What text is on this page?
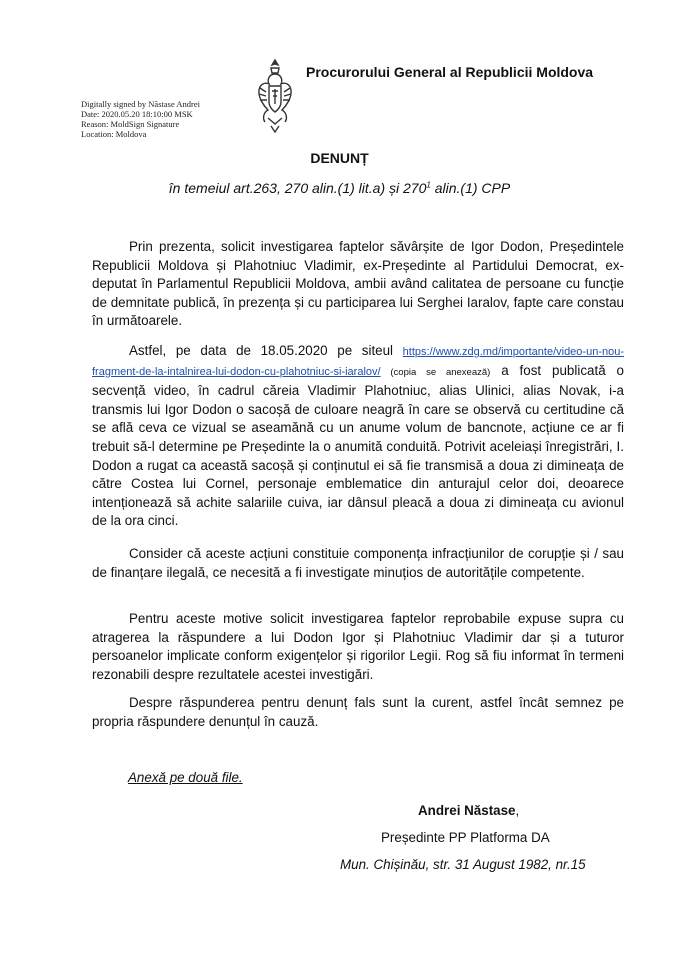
Procurorului General al Republicii Moldova
Digitally signed by Năstase Andrei
Date: 2020.05.20 18:10:00 MSK
Reason: MoldSign Signature
Location: Moldova
DENUNȚ
în temeiul art.263, 270 alin.(1) lit.a) și $270^1$ alin.(1) CPP

Prin prezenta, solicit investigarea faptelor săvârșite de Igor Dodon, Președintele Republicii Moldova și Plahotniuc Vladimir, ex-Președinte al Partidului Democrat, ex-deputat în Parlamentul Republicii Moldova, ambii având calitatea de persoane cu funcție de demnitate publică, în prezența și cu participarea lui Serghei Iaralov, fapte care constau în următoarele.

Astfel, pe data de 18.05.2020 pe siteul https://www.zdg.md/importante/video-un-nou-fragment-de-la-intalnirea-lui-dodon-cu-plahotniuc-si-iaralov/ (copia se anexează) a fost publicată o secvență video, în cadrul căreia Vladimir Plahotniuc, alias Ulinici, alias Novak, i-a transmis lui Igor Dodon o sacoșă de culoare neagră în care se observă cu certitudine că se află ceva ce vizual se aseamănă cu un anume volum de bancnote, acțiune ce ar fi trebuit să-l determine pe Președinte la o anumită conduită. Potrivit aceleiași înregistrări, I. Dodon a rugat ca această sacoșă și conținutul ei să fie transmisă a doua zi dimineața de către Costea lui Cornel, personaje emblematice din anturajul celor doi, deoarece intenționează să achite salariile cuiva, iar dânsul pleacă a doua zi dimineața cu avionul de la ora cinci.

Consider că aceste acțiuni constituie componența infracțiunilor de corupție și / sau de finanțare ilegală, ce necesită a fi investigate minuțios de autoritățile competente.

Pentru aceste motive solicit investigarea faptelor reprobabile expuse supra cu atragerea la răspundere a lui Dodon Igor și Plahotniuc Vladimir dar și a tuturor persoanelor implicate conform exigențelor și rigorilor Legii. Rog să fiu informat în termeni rezonabili despre rezultatele acestei investigări.

Despre răspunderea pentru denunț fals sunt la curent, astfel încât semnez pe propria răspundere denunțul în cauză.

Anexă pe două file.
Andrei Năstase,
Președinte PP Platforma DA
Mun. Chișinău, str. 31 August 1982, nr.15
